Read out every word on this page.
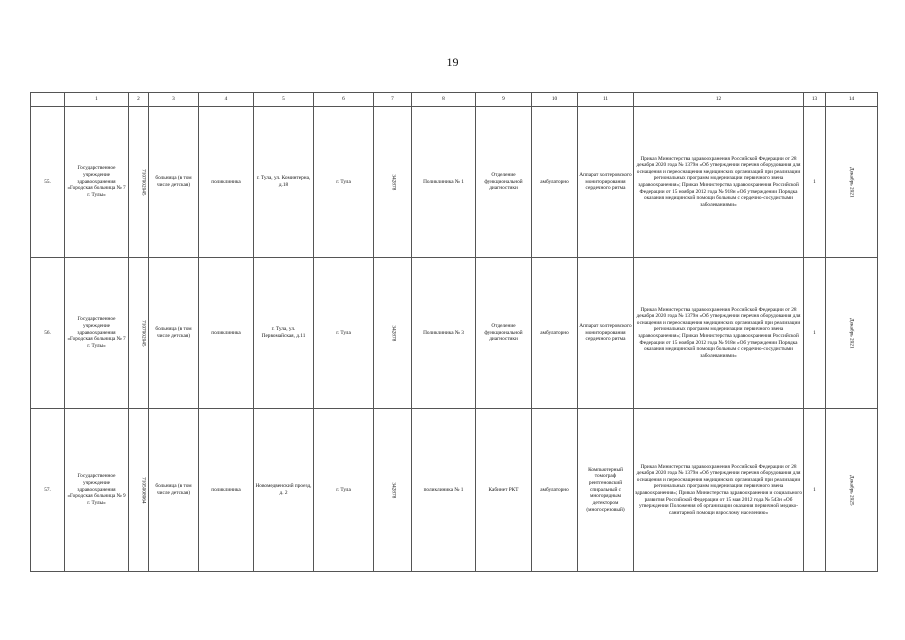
19
	1	2	3	4	5	6	7	8	9	10	11	12	13	14
55.	Государственное учреждение здравоохранения «Городская больница № 7 г. Тулы»	7107002045	больница (в том числе детская)	поликлиника	г. Тула, ул. Коминтерна, д.18	г. Тула	342878	Поликлиника № 1	Отделение функциональной диагностики	амбулаторно	Аппарат холтеровского мониторирования сердечного ритма	Приказ Министерства здравоохранения Российской Федерации от 28 декабря 2020 года № 1379н «Об утверждении перечня оборудования для оснащения и переоснащения медицинских организаций при реализации региональных программ модернизации первичного звена здравоохранения»; Приказ Министерства здравоохранения Российской Федерации от 15 ноября 2012 года № 918н «Об утверждении Порядка оказания медицинской помощи больным с сердечно-сосудистыми заболеваниями»	1	Декабрь 2021
56.	Государственное учреждение здравоохранения «Городская больница № 7 г. Тулы»	7107002045	больница (в том числе детская)	поликлиника	г. Тула, ул. Первомайская, д.11	г. Тула	342878	Поликлиника № 3	Отделение функциональной диагностики	амбулаторно	Аппарат холтеровского мониторирования сердечного ритма	Приказ Министерства здравоохранения Российской Федерации от 28 декабря 2020 года № 1379н «Об утверждении перечня оборудования для оснащения и переоснащения медицинских организаций при реализации региональных программ модернизации первичного звена здравоохранения»; Приказ Министерства здравоохранения Российской Федерации от 15 ноября 2012 года № 918н «Об утверждении Порядка оказания медицинской помощи больным с сердечно-сосудистыми заболеваниями»	1	Декабрь 2021
57.	Государственное учреждение здравоохранения «Городская больница № 9 г. Тулы»	7105008064	больница (в том числе детская)	поликлиника	Новомедвенский проезд, д. 2	г. Тула	342878	поликлиника № 1	Кабинет РКТ	амбулаторно	Компьютерный томограф рентгеновский спиральный с многорядным детектором (многосрезовый)	Приказ Министерства здравоохранения Российской Федерации от 28 декабря 2020 года № 1379н «Об утверждении перечня оборудования для оснащения и переоснащения медицинских организаций при реализации региональных программ модернизации первичного звена здравоохранения»; Приказ Министерства здравоохранения и социального развития Российской Федерации от 15 мая 2012 года № 543н «Об утверждении Положения об организации оказания первичной медико-санитарной помощи взрослому населению»	1	Декабрь 2025
